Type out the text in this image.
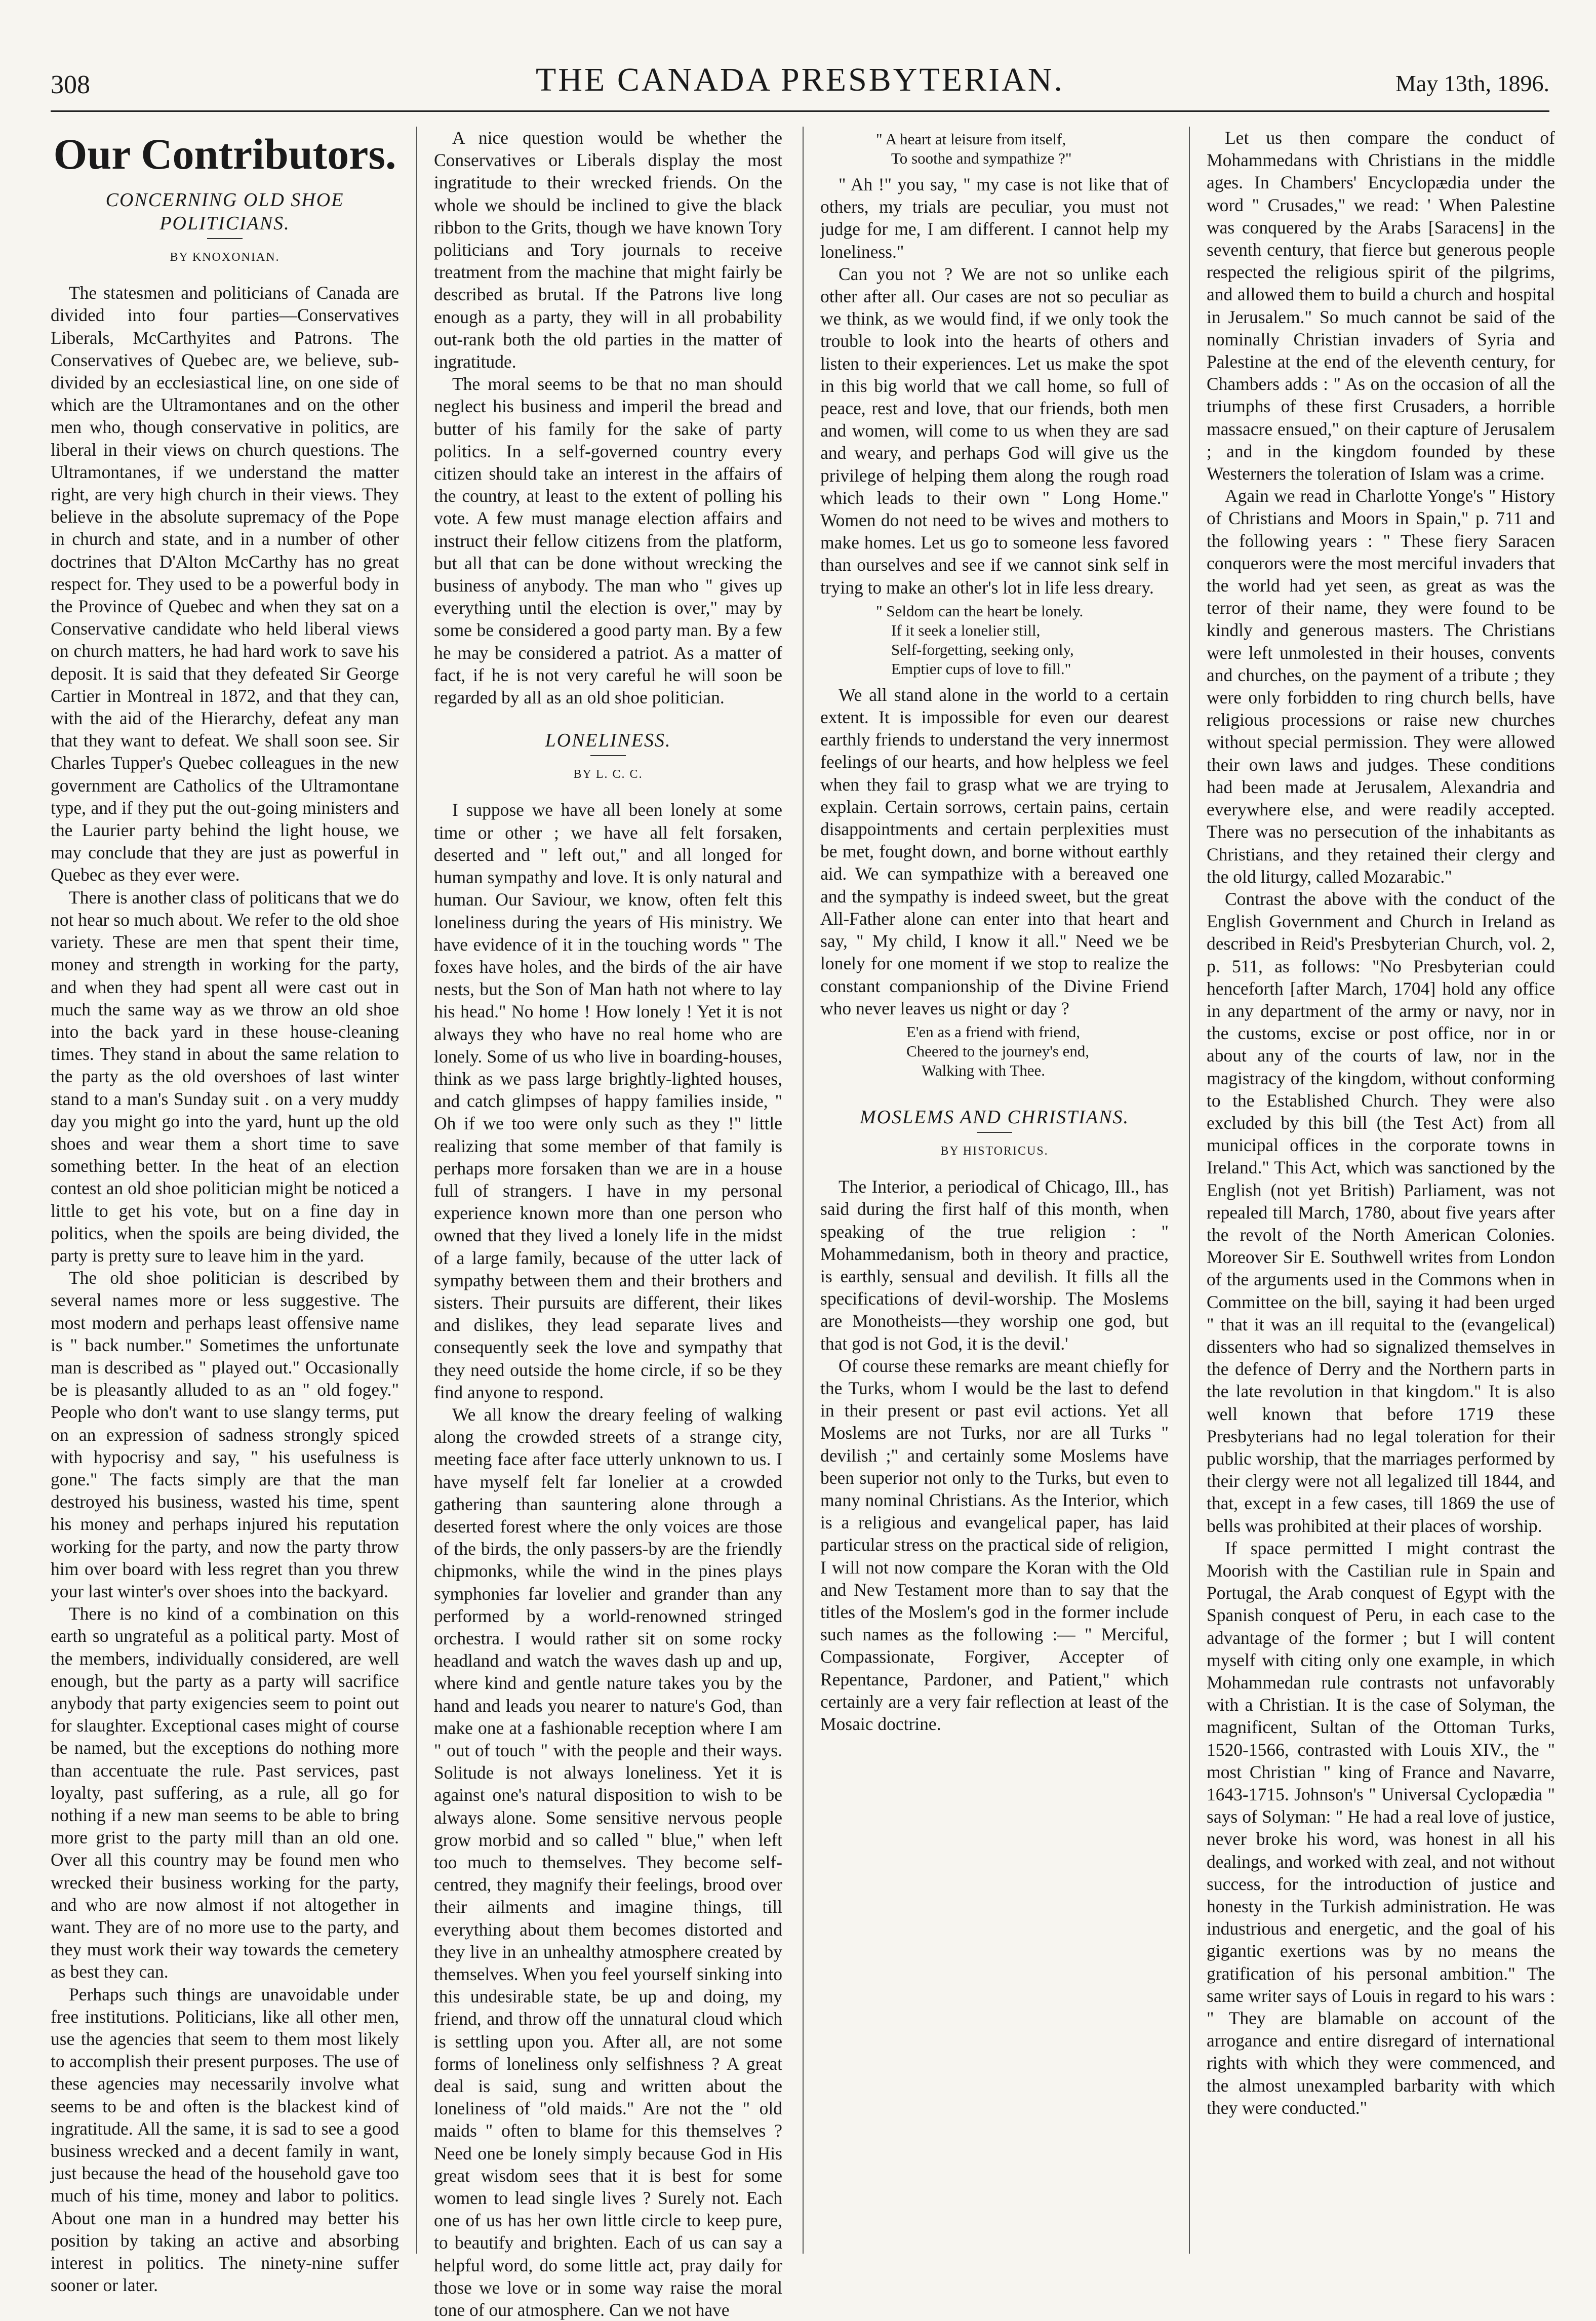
308	THE CANADA PRESBYTERIAN.	May 13th, 1896.
Our Contributors.
CONCERNING OLD SHOE POLITICIANS.
BY KNOXONIAN.

The statesmen and politicians of Canada are divided into four parties—Conservatives Liberals, McCarthyites and Patrons. The Conservatives of Quebec are, we believe, sub-divided by an ecclesiastical line, on one side of which are the Ultramontanes and on the other men who, though conservative in politics, are liberal in their views on church questions. The Ultramontanes, if we understand the matter right, are very high church in their views. They believe in the absolute supremacy of the Pope in church and state, and in a number of other doctrines that D'Alton McCarthy has no great respect for. They used to be a powerful body in the Province of Quebec and when they sat on a Conservative candidate who held liberal views on church matters, he had hard work to save his deposit. It is said that they defeated Sir George Cartier in Montreal in 1872, and that they can, with the aid of the Hierarchy, defeat any man that they want to defeat. We shall soon see. Sir Charles Tupper's Quebec colleagues in the new government are Catholics of the Ultramontane type, and if they put the out-going ministers and the Laurier party behind the light house, we may conclude that they are just as powerful in Quebec as they ever were.

There is another class of politicans that we do not hear so much about. We refer to the old shoe variety. These are men that spent their time, money and strength in working for the party, and when they had spent all were cast out in much the same way as we throw an old shoe into the back yard in these house-cleaning times. They stand in about the same relation to the party as the old overshoes of last winter stand to a man's Sunday suit . on a very muddy day you might go into the yard, hunt up the old shoes and wear them a short time to save something better. In the heat of an election contest an old shoe politician might be noticed a little to get his vote, but on a fine day in politics, when the spoils are being divided, the party is pretty sure to leave him in the yard.

The old shoe politician is described by several names more or less suggestive. The most modern and perhaps least offensive name is " back number." Sometimes the unfortunate man is described as " played out." Occasionally be is pleasantly alluded to as an " old fogey." People who don't want to use slangy terms, put on an expression of sadness strongly spiced with hypocrisy and say, " his usefulness is gone." The facts simply are that the man destroyed his business, wasted his time, spent his money and perhaps injured his reputation working for the party, and now the party throw him over board with less regret than you threw your last winter's over shoes into the backyard.

There is no kind of a combination on this earth so ungrateful as a political party. Most of the members, individually considered, are well enough, but the party as a party will sacrifice anybody that party exigencies seem to point out for slaughter. Exceptional cases might of course be named, but the exceptions do nothing more than accentuate the rule. Past services, past loyalty, past suffering, as a rule, all go for nothing if a new man seems to be able to bring more grist to the party mill than an old one. Over all this country may be found men who wrecked their business working for the party, and who are now almost if not altogether in want. They are of no more use to the party, and they must work their way towards the cemetery as best they can.

Perhaps such things are unavoidable under free institutions. Politicians, like all other men, use the agencies that seem to them most likely to accomplish their present purposes. The use of these agencies may necessarily involve what seems to be and often is the blackest kind of ingratitude. All the same, it is sad to see a good business wrecked and a decent family in want, just because the head of the household gave too much of his time, money and labor to politics. About one man in a hundred may better his position by taking an active and absorbing interest in politics. The ninety-nine suffer sooner or later.

A nice question would be whether the Conservatives or Liberals display the most ingratitude to their wrecked friends. On the whole we should be inclined to give the black ribbon to the Grits, though we have known Tory politicians and Tory journals to receive treatment from the machine that might fairly be described as brutal. If the Patrons live long enough as a party, they will in all probability out-rank both the old parties in the matter of ingratitude.

The moral seems to be that no man should neglect his business and imperil the bread and butter of his family for the sake of party politics. In a self-governed country every citizen should take an interest in the affairs of the country, at least to the extent of polling his vote. A few must manage election affairs and instruct their fellow citizens from the platform, but all that can be done without wrecking the business of anybody. The man who " gives up everything until the election is over," may by some be considered a good party man. By a few he may be considered a patriot. As a matter of fact, if he is not very careful he will soon be regarded by all as an old shoe politician.

LONELINESS.
BY L. C. C.

I suppose we have all been lonely at some time or other ; we have all felt forsaken, deserted and " left out," and all longed for human sympathy and love. It is only natural and human. Our Saviour, we know, often felt this loneliness during the years of His ministry. We have evidence of it in the touching words " The foxes have holes, and the birds of the air have nests, but the Son of Man hath not where to lay his head." No home ! How lonely ! Yet it is not always they who have no real home who are lonely. Some of us who live in boarding-houses, think as we pass large brightly-lighted houses, and catch glimpses of happy families inside, " Oh if we too were only such as they !" little realizing that some member of that family is perhaps more forsaken than we are in a house full of strangers. I have in my personal experience known more than one person who owned that they lived a lonely life in the midst of a large family, because of the utter lack of sympathy between them and their brothers and sisters. Their pursuits are different, their likes and dislikes, they lead separate lives and consequently seek the love and sympathy that they need outside the home circle, if so be they find anyone to respond.

We all know the dreary feeling of walking along the crowded streets of a strange city, meeting face after face utterly unknown to us. I have myself felt far lonelier at a crowded gathering than sauntering alone through a deserted forest where the only voices are those of the birds, the only passers-by are the friendly chipmonks, while the wind in the pines plays symphonies far lovelier and grander than any performed by a world-renowned stringed orchestra. I would rather sit on some rocky headland and watch the waves dash up and up, where kind and gentle nature takes you by the hand and leads you nearer to nature's God, than make one at a fashionable reception where I am " out of touch " with the people and their ways. Solitude is not always loneliness. Yet it is against one's natural disposition to wish to be always alone. Some sensitive nervous people grow morbid and so called " blue," when left too much to themselves. They become self-centred, they magnify their feelings, brood over their ailments and imagine things, till everything about them becomes distorted and they live in an unhealthy atmosphere created by themselves. When you feel yourself sinking into this undesirable state, be up and doing, my friend, and throw off the unnatural cloud which is settling upon you. After all, are not some forms of loneliness only selfishness ? A great deal is said, sung and written about the loneliness of "old maids." Are not the " old maids " often to blame for this themselves ? Need one be lonely simply because God in His great wisdom sees that it is best for some women to lead single lives ? Surely not. Each one of us has her own little circle to keep pure, to beautify and brighten. Each of us can say a helpful word, do some little act, pray daily for those we love or in some way raise the moral tone of our atmosphere. Can we not have

" A heart at leisure from itself,
To soothe and sympathize ?"

" Ah !" you say, " my case is not like that of others, my trials are peculiar, you must not judge for me, I am different. I cannot help my loneliness."

Can you not ? We are not so unlike each other after all. Our cases are not so peculiar as we think, as we would find, if we only took the trouble to look into the hearts of others and listen to their experiences. Let us make the spot in this big world that we call home, so full of peace, rest and love, that our friends, both men and women, will come to us when they are sad and weary, and perhaps God will give us the privilege of helping them along the rough road which leads to their own " Long Home." Women do not need to be wives and mothers to make homes. Let us go to someone less favored than ourselves and see if we cannot sink self in trying to make an other's lot in life less dreary.

" Seldom can the heart be lonely.
If it seek a lonelier still,
Self-forgetting, seeking only,
Emptier cups of love to fill."

We all stand alone in the world to a certain extent. It is impossible for even our dearest earthly friends to understand the very innermost feelings of our hearts, and how helpless we feel when they fail to grasp what we are trying to explain. Certain sorrows, certain pains, certain disappointments and certain perplexities must be met, fought down, and borne without earthly aid. We can sympathize with a bereaved one and the sympathy is indeed sweet, but the great All-Father alone can enter into that heart and say, " My child, I know it all." Need we be lonely for one moment if we stop to realize the constant companionship of the Divine Friend who never leaves us night or day ?

E'en as a friend with friend,
Cheered to the journey's end,
Walking with Thee.
MOSLEMS AND CHRISTIANS.
BY HISTORICUS.

The Interior, a periodical of Chicago, Ill., has said during the first half of this month, when speaking of the true religion : " Mohammedanism, both in theory and practice, is earthly, sensual and devilish. It fills all the specifications of devil-worship. The Moslems are Monotheists—they worship one god, but that god is not God, it is the devil.'

Of course these remarks are meant chiefly for the Turks, whom I would be the last to defend in their present or past evil actions. Yet all Moslems are not Turks, nor are all Turks " devilish ;" and certainly some Moslems have been superior not only to the Turks, but even to many nominal Christians. As the Interior, which is a religious and evangelical paper, has laid particular stress on the practical side of religion, I will not now compare the Koran with the Old and New Testament more than to say that the titles of the Moslem's god in the former include such names as the following :— " Merciful, Compassionate, Forgiver, Accepter of Repentance, Pardoner, and Patient," which certainly are a very fair reflection at least of the Mosaic doctrine.

Let us then compare the conduct of Mohammedans with Christians in the middle ages. In Chambers' Encyclopædia under the word " Crusades," we read: ' When Palestine was conquered by the Arabs [Saracens] in the seventh century, that fierce but generous people respected the religious spirit of the pilgrims, and allowed them to build a church and hospital in Jerusalem." So much cannot be said of the nominally Christian invaders of Syria and Palestine at the end of the eleventh century, for Chambers adds : " As on the occasion of all the triumphs of these first Crusaders, a horrible massacre ensued," on their capture of Jerusalem ; and in the kingdom founded by these Westerners the toleration of Islam was a crime.

Again we read in Charlotte Yonge's " History of Christians and Moors in Spain," p. 711 and the following years : " These fiery Saracen conquerors were the most merciful invaders that the world had yet seen, as great as was the terror of their name, they were found to be kindly and generous masters. The Christians were left unmolested in their houses, convents and churches, on the payment of a tribute ; they were only forbidden to ring church bells, have religious processions or raise new churches without special permission. They were allowed their own laws and judges. These conditions had been made at Jerusalem, Alexandria and everywhere else, and were readily accepted. There was no persecution of the inhabitants as Christians, and they retained their clergy and the old liturgy, called Mozarabic."

Contrast the above with the conduct of the English Government and Church in Ireland as described in Reid's Presbyterian Church, vol. 2, p. 511, as follows: "No Presbyterian could henceforth [after March, 1704] hold any office in any department of the army or navy, nor in the customs, excise or post office, nor in or about any of the courts of law, nor in the magistracy of the kingdom, without conforming to the Established Church. They were also excluded by this bill (the Test Act) from all municipal offices in the corporate towns in Ireland." This Act, which was sanctioned by the English (not yet British) Parliament, was not repealed till March, 1780, about five years after the revolt of the North American Colonies. Moreover Sir E. Southwell writes from London of the arguments used in the Commons when in Committee on the bill, saying it had been urged " that it was an ill requital to the (evangelical) dissenters who had so signalized themselves in the defence of Derry and the Northern parts in the late revolution in that kingdom." It is also well known that before 1719 these Presbyterians had no legal toleration for their public worship, that the marriages performed by their clergy were not all legalized till 1844, and that, except in a few cases, till 1869 the use of bells was prohibited at their places of worship.

If space permitted I might contrast the Moorish with the Castilian rule in Spain and Portugal, the Arab conquest of Egypt with the Spanish conquest of Peru, in each case to the advantage of the former ; but I will content myself with citing only one example, in which Mohammedan rule contrasts not unfavorably with a Christian. It is the case of Solyman, the magnificent, Sultan of the Ottoman Turks, 1520-1566, contrasted with Louis XIV., the " most Christian " king of France and Navarre, 1643-1715. Johnson's " Universal Cyclopædia " says of Solyman: " He had a real love of justice, never broke his word, was honest in all his dealings, and worked with zeal, and not without success, for the introduction of justice and honesty in the Turkish administration. He was industrious and energetic, and the goal of his gigantic exertions was by no means the gratification of his personal ambition." The same writer says of Louis in regard to his wars : " They are blamable on account of the arrogance and entire disregard of international rights with which they were commenced, and the almost unexampled barbarity with which they were conducted."
